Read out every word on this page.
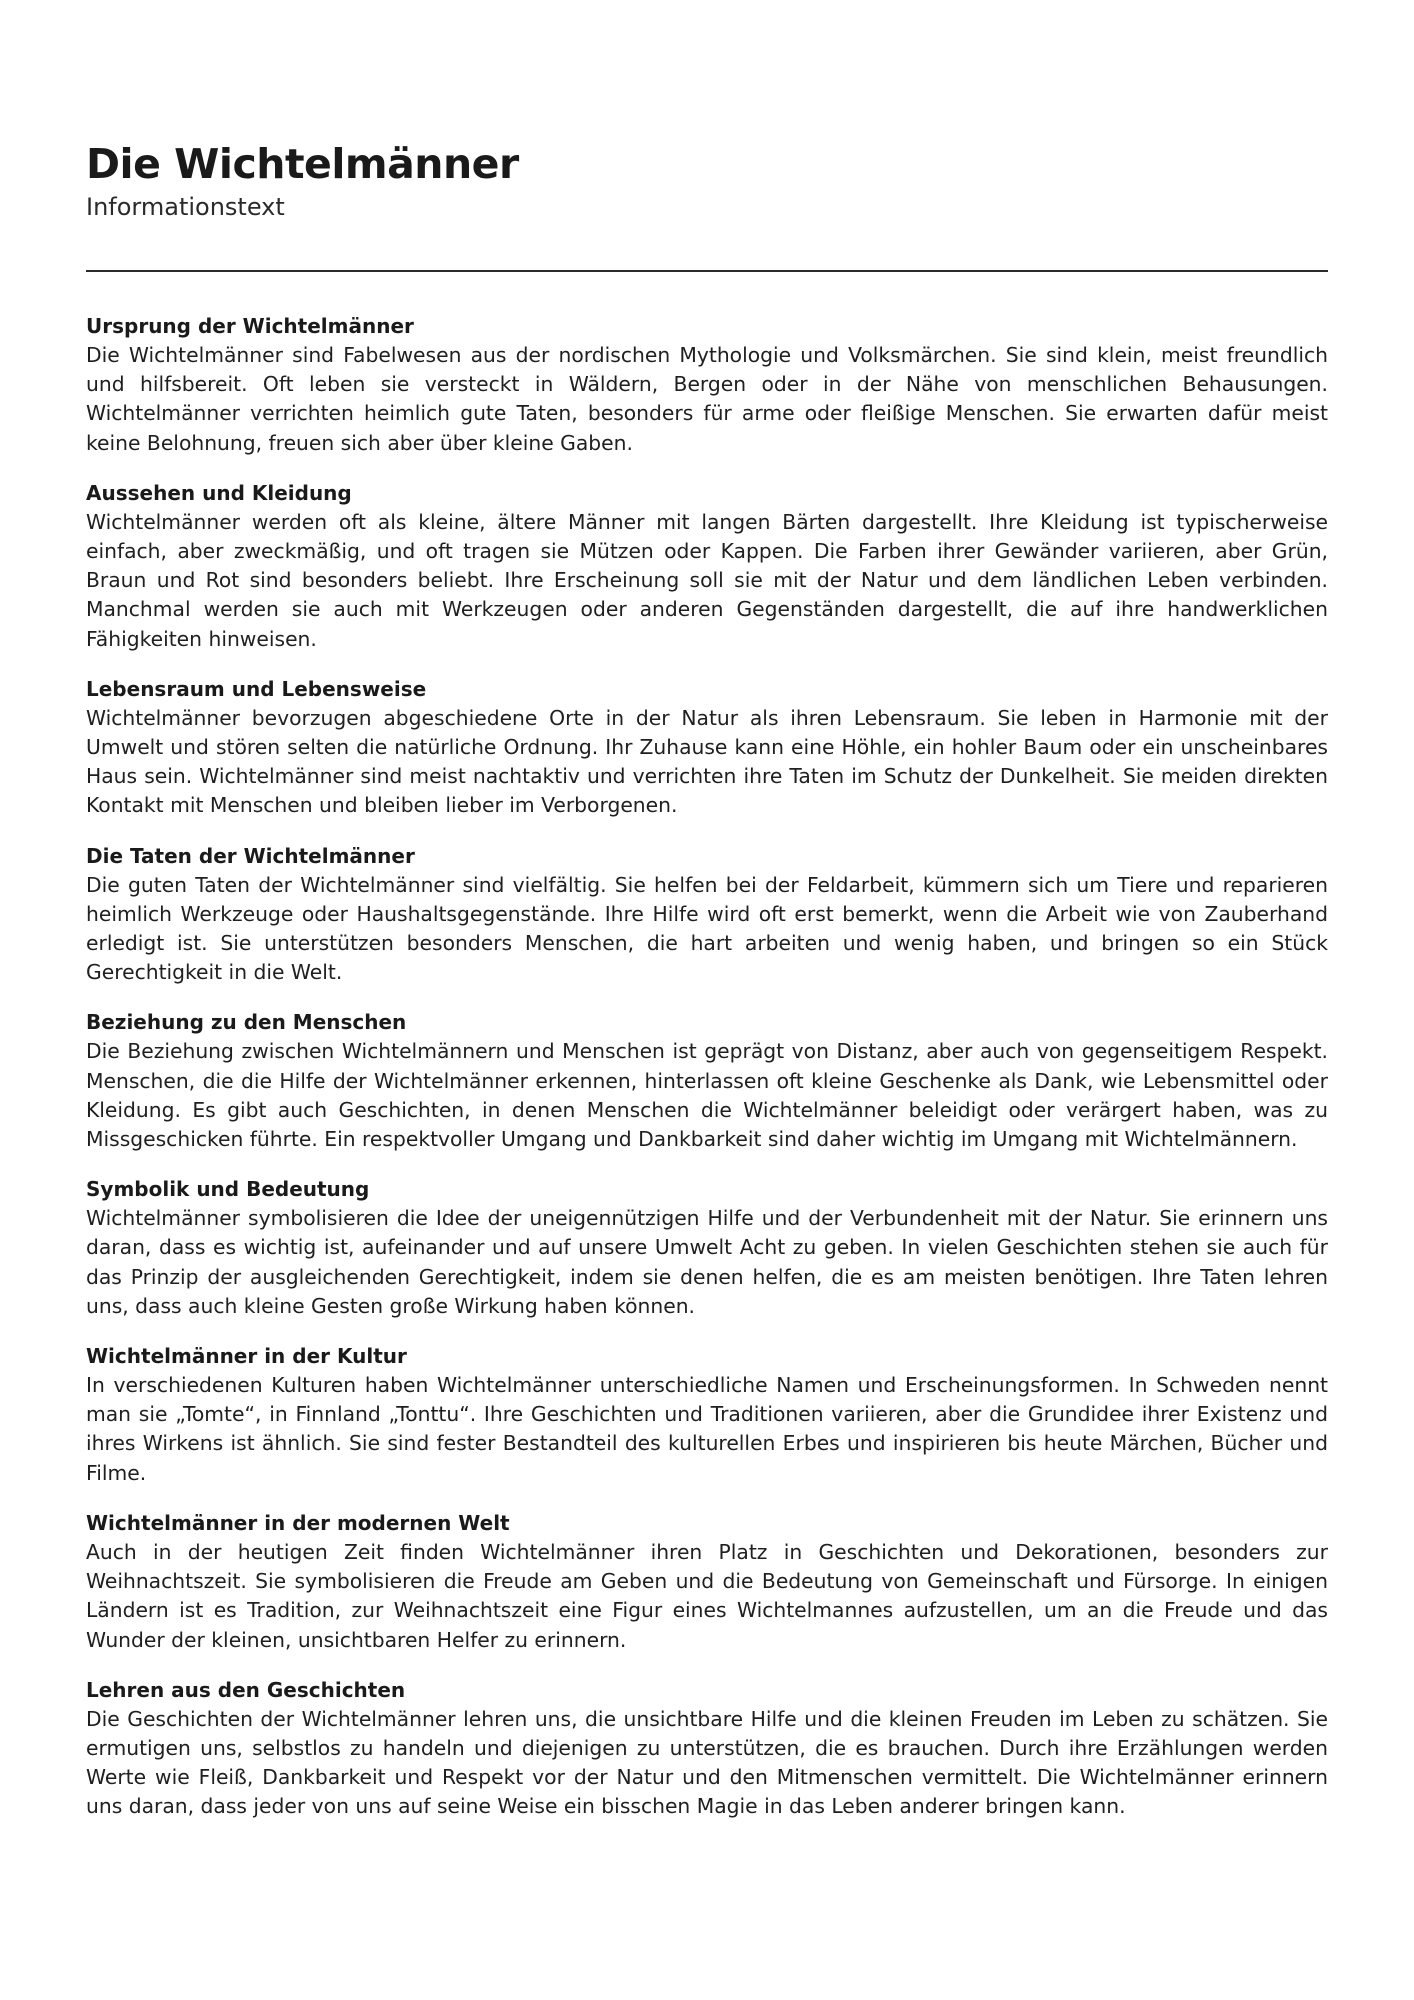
Die Wichtelmänner
Informationstext
Ursprung der Wichtelmänner

Die Wichtelmänner sind Fabelwesen aus der nordischen Mythologie und Volksmärchen. Sie sind klein, meist freundlich und hilfsbereit. Oft leben sie versteckt in Wäldern, Bergen oder in der Nähe von menschlichen Behausungen. Wichtelmänner verrichten heimlich gute Taten, besonders für arme oder fleißige Menschen. Sie erwarten dafür meist keine Belohnung, freuen sich aber über kleine Gaben.

Aussehen und Kleidung

Wichtelmänner werden oft als kleine, ältere Männer mit langen Bärten dargestellt. Ihre Kleidung ist typischerweise einfach, aber zweckmäßig, und oft tragen sie Mützen oder Kappen. Die Farben ihrer Gewänder variieren, aber Grün, Braun und Rot sind besonders beliebt. Ihre Erscheinung soll sie mit der Natur und dem ländlichen Leben verbinden. Manchmal werden sie auch mit Werkzeugen oder anderen Gegenständen dargestellt, die auf ihre handwerklichen Fähigkeiten hinweisen.

Lebensraum und Lebensweise

Wichtelmänner bevorzugen abgeschiedene Orte in der Natur als ihren Lebensraum. Sie leben in Harmonie mit der Umwelt und stören selten die natürliche Ordnung. Ihr Zuhause kann eine Höhle, ein hohler Baum oder ein unscheinbares Haus sein. Wichtelmänner sind meist nachtaktiv und verrichten ihre Taten im Schutz der Dunkelheit. Sie meiden direkten Kontakt mit Menschen und bleiben lieber im Verborgenen.

Die Taten der Wichtelmänner

Die guten Taten der Wichtelmänner sind vielfältig. Sie helfen bei der Feldarbeit, kümmern sich um Tiere und reparieren heimlich Werkzeuge oder Haushaltsgegenstände. Ihre Hilfe wird oft erst bemerkt, wenn die Arbeit wie von Zauberhand erledigt ist. Sie unterstützen besonders Menschen, die hart arbeiten und wenig haben, und bringen so ein Stück Gerechtigkeit in die Welt.

Beziehung zu den Menschen

Die Beziehung zwischen Wichtelmännern und Menschen ist geprägt von Distanz, aber auch von gegenseitigem Respekt. Menschen, die die Hilfe der Wichtelmänner erkennen, hinterlassen oft kleine Geschenke als Dank, wie Lebensmittel oder Kleidung. Es gibt auch Geschichten, in denen Menschen die Wichtelmänner beleidigt oder verärgert haben, was zu Missgeschicken führte. Ein respektvoller Umgang und Dankbarkeit sind daher wichtig im Umgang mit Wichtelmännern.

Symbolik und Bedeutung

Wichtelmänner symbolisieren die Idee der uneigennützigen Hilfe und der Verbundenheit mit der Natur. Sie erinnern uns daran, dass es wichtig ist, aufeinander und auf unsere Umwelt Acht zu geben. In vielen Geschichten stehen sie auch für das Prinzip der ausgleichenden Gerechtigkeit, indem sie denen helfen, die es am meisten benötigen. Ihre Taten lehren uns, dass auch kleine Gesten große Wirkung haben können.

Wichtelmänner in der Kultur

In verschiedenen Kulturen haben Wichtelmänner unterschiedliche Namen und Erscheinungsformen. In Schweden nennt man sie „Tomte“, in Finnland „Tonttu“. Ihre Geschichten und Traditionen variieren, aber die Grundidee ihrer Existenz und ihres Wirkens ist ähnlich. Sie sind fester Bestandteil des kulturellen Erbes und inspirieren bis heute Märchen, Bücher und Filme.

Wichtelmänner in der modernen Welt

Auch in der heutigen Zeit finden Wichtelmänner ihren Platz in Geschichten und Dekorationen, besonders zur Weihnachtszeit. Sie symbolisieren die Freude am Geben und die Bedeutung von Gemeinschaft und Fürsorge. In einigen Ländern ist es Tradition, zur Weihnachtszeit eine Figur eines Wichtelmannes aufzustellen, um an die Freude und das Wunder der kleinen, unsichtbaren Helfer zu erinnern.

Lehren aus den Geschichten

Die Geschichten der Wichtelmänner lehren uns, die unsichtbare Hilfe und die kleinen Freuden im Leben zu schätzen. Sie ermutigen uns, selbstlos zu handeln und diejenigen zu unterstützen, die es brauchen. Durch ihre Erzählungen werden Werte wie Fleiß, Dankbarkeit und Respekt vor der Natur und den Mitmenschen vermittelt. Die Wichtelmänner erinnern uns daran, dass jeder von uns auf seine Weise ein bisschen Magie in das Leben anderer bringen kann.
